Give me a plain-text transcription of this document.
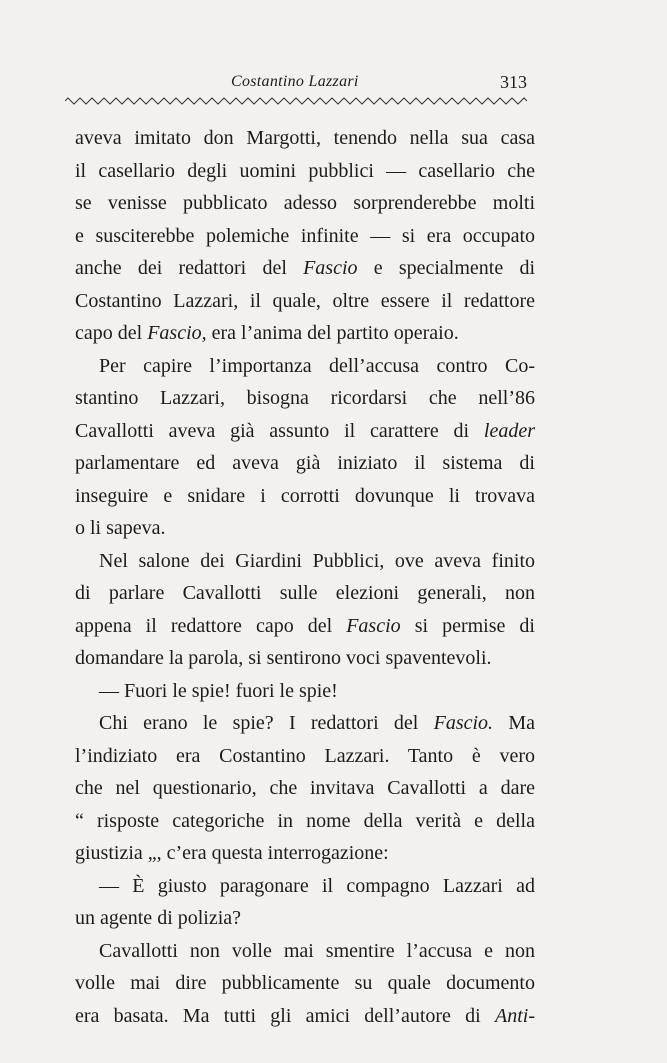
Costantino Lazzari	313
aveva imitato don Margotti, tenendo nella sua casa
il casellario degli uomini pubblici — casellario che
se venisse pubblicato adesso sorprenderebbe molti
e susciterebbe polemiche infinite — si era occupato
anche dei redattori del Fascio e specialmente di
Costantino Lazzari, il quale, oltre essere il redattore
capo del Fascio, era l’anima del partito operaio.
Per capire l’importanza dell’accusa contro Co-
stantino Lazzari, bisogna ricordarsi che nell’86
Cavallotti aveva già assunto il carattere di leader
parlamentare ed aveva già iniziato il sistema di
inseguire e snidare i corrotti dovunque li trovava
o li sapeva.
Nel salone dei Giardini Pubblici, ove aveva finito
di parlare Cavallotti sulle elezioni generali, non
appena il redattore capo del Fascio si permise di
domandare la parola, si sentirono voci spaventevoli.
— Fuori le spie! fuori le spie!
Chi erano le spie? I redattori del Fascio. Ma
l’indiziato era Costantino Lazzari. Tanto è vero
che nel questionario, che invitava Cavallotti a dare
“ risposte categoriche in nome della verità e della
giustizia „, c’era questa interrogazione:
— È giusto paragonare il compagno Lazzari ad
un agente di polizia?
Cavallotti non volle mai smentire l’accusa e non
volle mai dire pubblicamente su quale documento
era basata. Ma tutti gli amici dell’autore di Anti-
